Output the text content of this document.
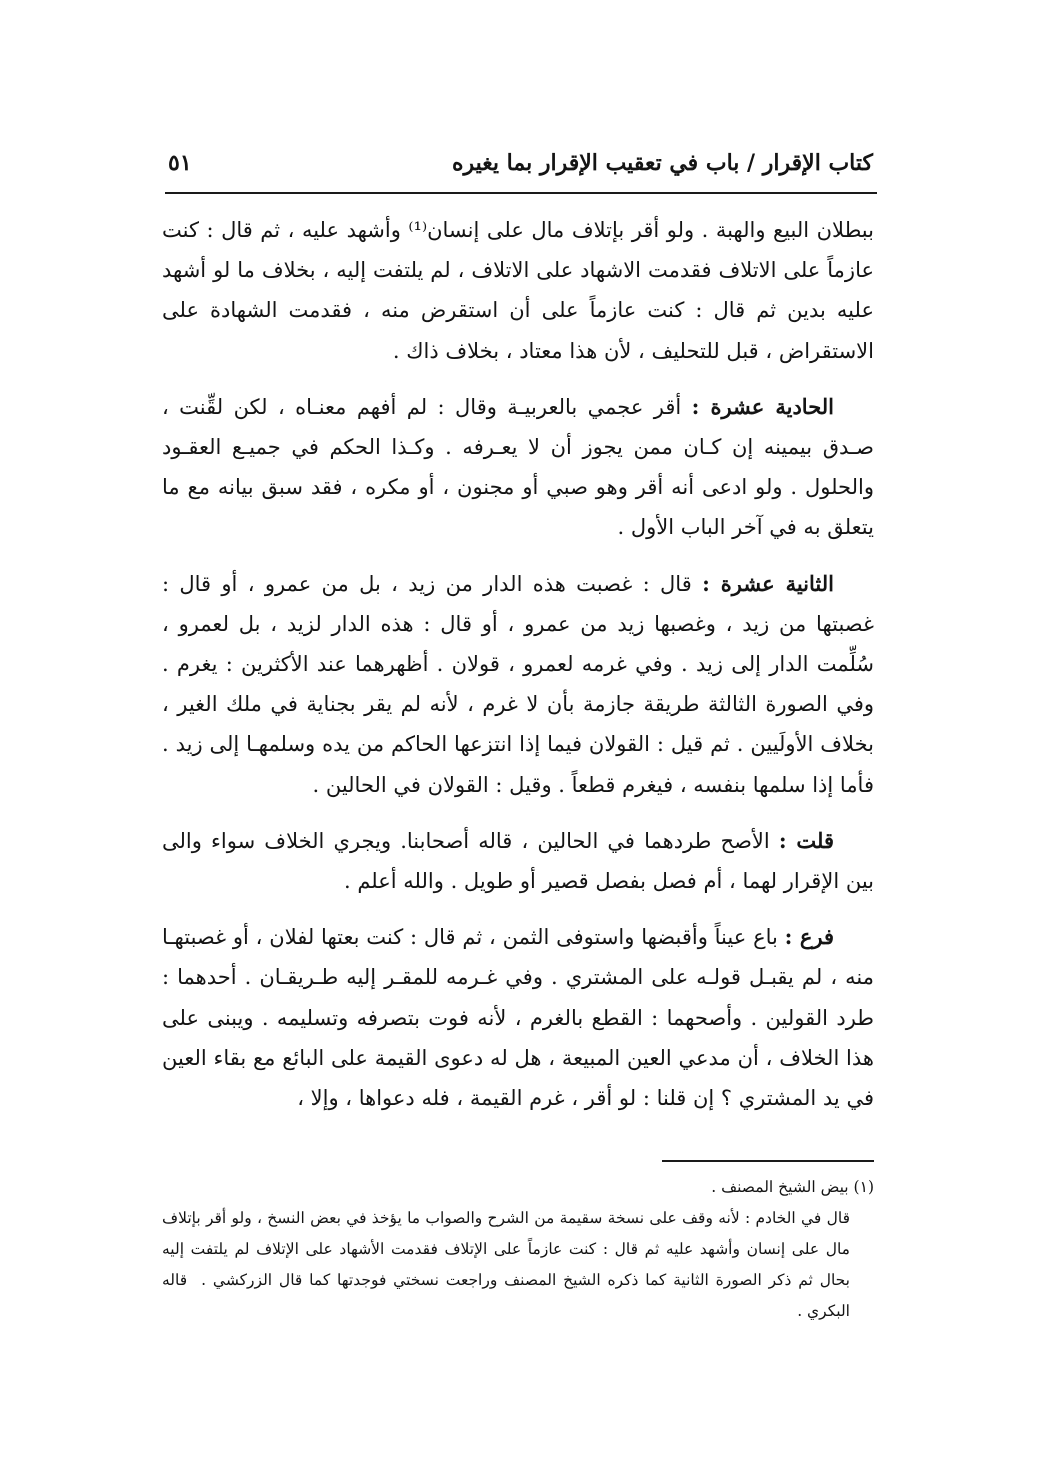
كتاب الإقرار / باب في تعقيب الإقرار بما يغيره
٥١

ببطلان البيع والهبة . ولو أقر بإتلاف مال على إنسان⁽¹⁾ وأشهد عليه ، ثم قال : كنت عازماً على الاتلاف فقدمت الاشهاد على الاتلاف ، لم يلتفت إليه ، بخلاف ما لو أشهد عليه بدين ثم قال : كنت عازماً على أن استقرض منه ، فقدمت الشهادة على الاستقراض ، قبل للتحليف ، لأن هذا معتاد ، بخلاف ذاك .

الحادية عشرة : أقر عجمي بالعربيـة وقال : لم أفهم معنـاه ، لكن لقِّنت ، صـدق بيمينه إن كـان ممن يجوز أن لا يعـرفه . وكـذا الحكم في جميـع العقـود والحلول . ولو ادعى أنه أقر وهو صبي أو مجنون ، أو مكره ، فقد سبق بيانه مع ما يتعلق به في آخر الباب الأول .

الثانية عشرة : قال : غصبت هذه الدار من زيد ، بل من عمرو ، أو قال : غصبتها من زيد ، وغصبها زيد من عمرو ، أو قال : هذه الدار لزيد ، بل لعمرو ، سُلِّمت الدار إلى زيد . وفي غرمه لعمرو ، قولان . أظهرهما عند الأكثرين : يغرم . وفي الصورة الثالثة طريقة جازمة بأن لا غرم ، لأنه لم يقر بجناية في ملك الغير ، بخلاف الأولَيين . ثم قيل : القولان فيما إذا انتزعها الحاكم من يده وسلمهـا إلى زيد . فأما إذا سلمها بنفسه ، فيغرم قطعاً . وقيل : القولان في الحالين .

قلت : الأصح طردهما في الحالين ، قاله أصحابنا. ويجري الخلاف سواء والى بين الإقرار لهما ، أم فصل بفصل قصير أو طويل . والله أعلم .

فرع : باع عيناً وأقبضها واستوفى الثمن ، ثم قال : كنت بعتها لفلان ، أو غصبتهـا منه ، لم يقبـل قولـه على المشتري . وفي غـرمه للمقـر إليه طـريقـان . أحدهما : طرد القولين . وأصحهما : القطع بالغرم ، لأنه فوت بتصرفه وتسليمه . ويبنى على هذا الخلاف ، أن مدعي العين المبيعة ، هل له دعوى القيمة على البائع مع بقاء العين في يد المشتري ؟ إن قلنا : لو أقر ، غرم القيمة ، فله دعواها ، وإلا ،

(١) بيض الشيخ المصنف .

قال في الخادم : لأنه وقف على نسخة سقيمة من الشرح والصواب ما يؤخذ في بعض النسخ ، ولو أقر بإتلاف مال على إنسان وأشهد عليه ثم قال : كنت عازماً على الإتلاف فقدمت الأشهاد على الإتلاف لم يلتفت إليه بحال ثم ذكر الصورة الثانية كما ذكره الشيخ المصنف وراجعت نسختي فوجدتها كما قال الزركشي .قاله البكري .
